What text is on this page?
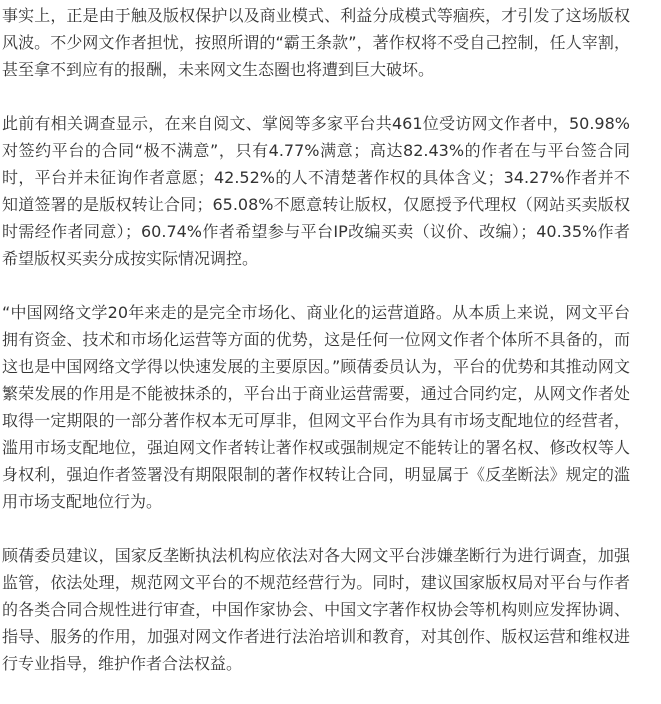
事实上，正是由于触及版权保护以及商业模式、利益分成模式等痼疾，才引发了这场版权风波。不少网文作者担忧，按照所谓的“霸王条款”，著作权将不受自己控制，任人宰割，甚至拿不到应有的报酬，未来网文生态圈也将遭到巨大破坏。

此前有相关调查显示，在来自阅文、掌阅等多家平台共461位受访网文作者中，50.98%对签约平台的合同“极不满意”，只有4.77%满意；高达82.43%的作者在与平台签合同时，平台并未征询作者意愿；42.52%的人不清楚著作权的具体含义；34.27%作者并不知道签署的是版权转让合同；65.08%不愿意转让版权，仅愿授予代理权（网站买卖版权时需经作者同意）；60.74%作者希望参与平台IP改编买卖（议价、改编）；40.35%作者希望版权买卖分成按实际情况调控。

“中国网络文学20年来走的是完全市场化、商业化的运营道路。从本质上来说，网文平台拥有资金、技术和市场化运营等方面的优势，这是任何一位网文作者个体所不具备的，而这也是中国网络文学得以快速发展的主要原因。”顾蒨委员认为，平台的优势和其推动网文繁荣发展的作用是不能被抹杀的，平台出于商业运营需要，通过合同约定，从网文作者处取得一定期限的一部分著作权本无可厚非，但网文平台作为具有市场支配地位的经营者，滥用市场支配地位，强迫网文作者转让著作权或强制规定不能转让的署名权、修改权等人身权利，强迫作者签署没有期限限制的著作权转让合同，明显属于《反垄断法》规定的滥用市场支配地位行为。

顾蒨委员建议，国家反垄断执法机构应依法对各大网文平台涉嫌垄断行为进行调查，加强监管，依法处理，规范网文平台的不规范经营行为。同时，建议国家版权局对平台与作者的各类合同合规性进行审查，中国作家协会、中国文字著作权协会等机构则应发挥协调、指导、服务的作用，加强对网文作者进行法治培训和教育，对其创作、版权运营和维权进行专业指导，维护作者合法权益。
